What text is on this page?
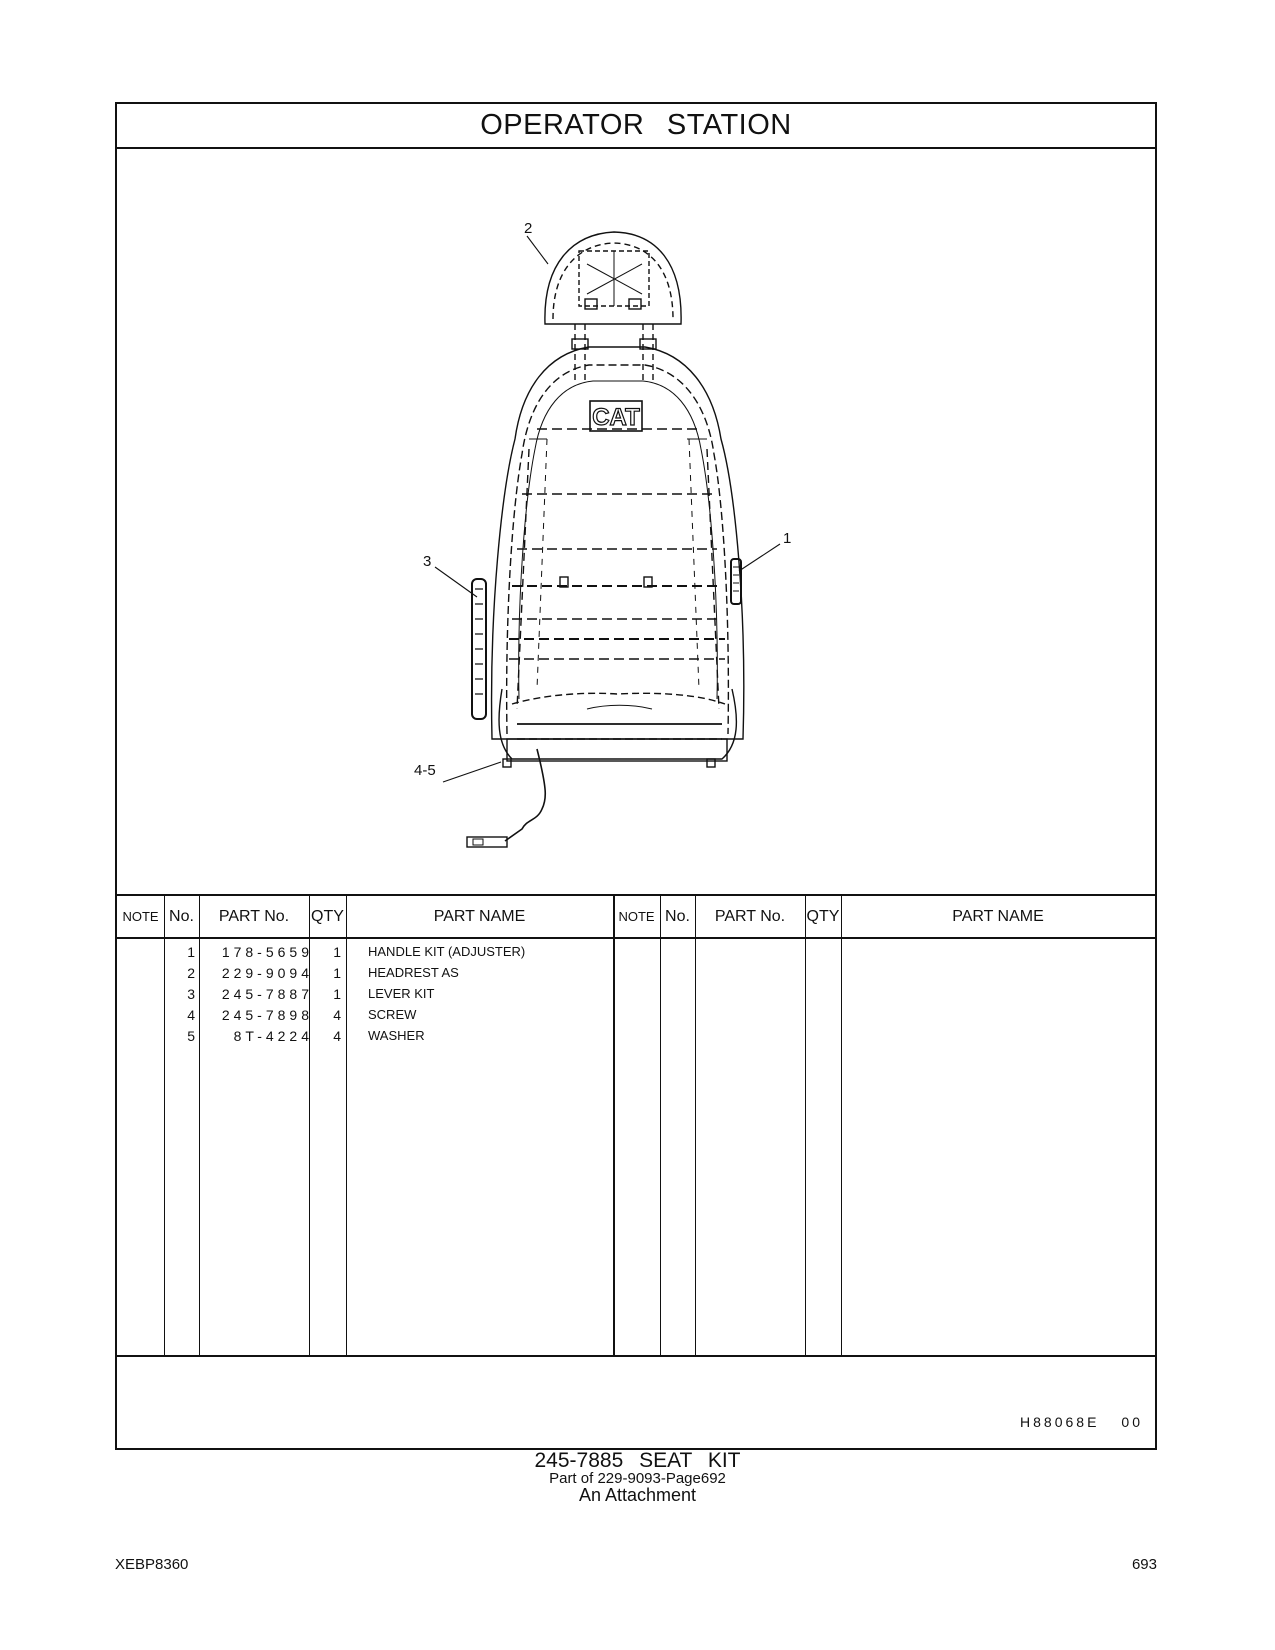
OPERATOR STATION
CAT
2
1
3
4-5
NOTE No.	PART No.	QTY	PART NAME	NOTE No.	PART No.	QTY	PART NAME
1	178-5659	1 HANDLE KIT (ADJUSTER)
2	229-9094	1 HEADREST AS
3	245-7887	1 LEVER KIT
4	245-7898	4 SCREW
5	8T-4224	4 WASHER
H88068E 00
245-7885 SEAT KIT
Part of 229-9093-Page692
An Attachment
XEBP8360	693
